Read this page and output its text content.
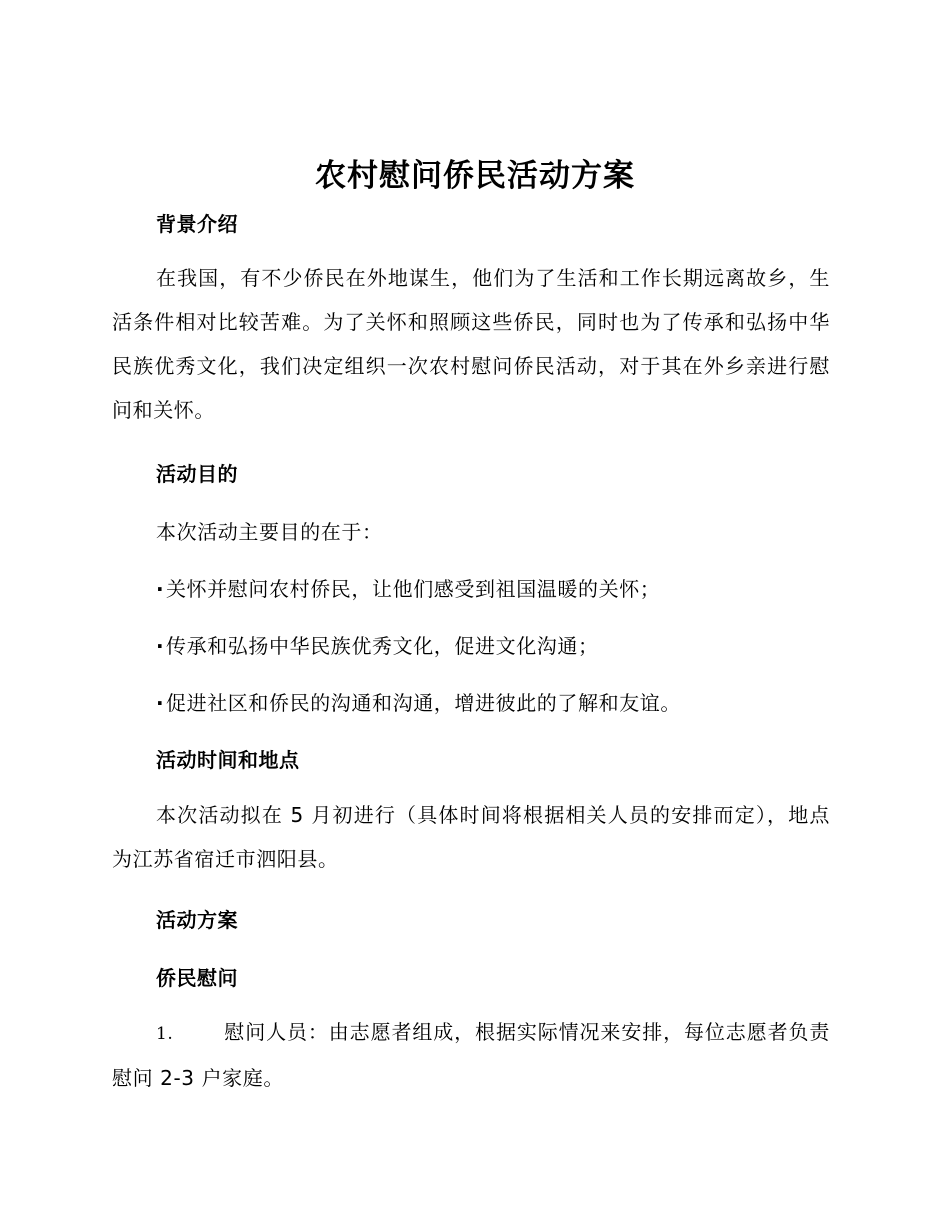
农村慰问侨民活动方案
背景介绍

在我国，有不少侨民在外地谋生，他们为了生活和工作长期远离故乡，生活条件相对比较苦难。为了关怀和照顾这些侨民，同时也为了传承和弘扬中华民族优秀文化，我们决定组织一次农村慰问侨民活动，对于其在外乡亲进行慰问和关怀。

活动目的

本次活动主要目的在于：

·关怀并慰问农村侨民，让他们感受到祖国温暖的关怀；

·传承和弘扬中华民族优秀文化，促进文化沟通；

·促进社区和侨民的沟通和沟通，增进彼此的了解和友谊。

活动时间和地点

本次活动拟在 5 月初进行（具体时间将根据相关人员的安排而定），地点为江苏省宿迁市泗阳县。

活动方案
侨民慰问

1.	慰问人员：由志愿者组成，根据实际情况来安排，每位志愿者负责慰问 2-3 户家庭。
